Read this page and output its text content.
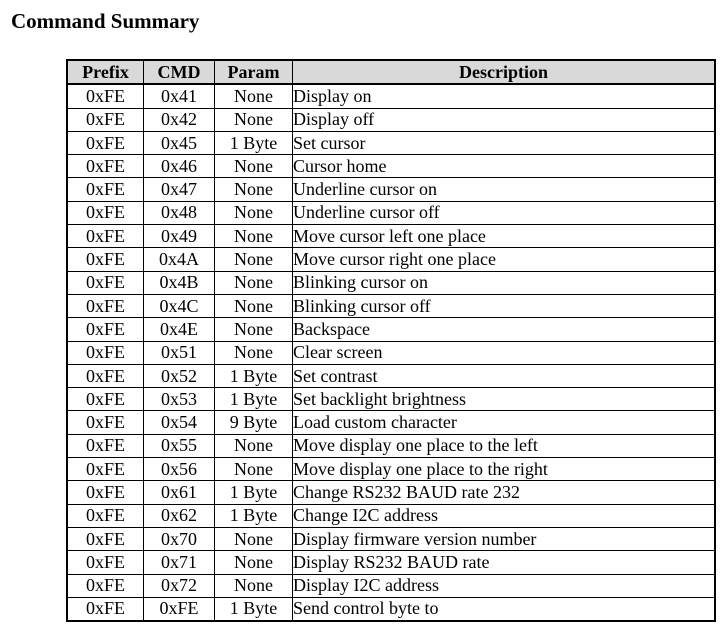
Command Summary
Prefix	CMD	Param	Description
0xFE	0x41	None	Display on
0xFE	0x42	None	Display off
0xFE	0x45	1 Byte	Set cursor
0xFE	0x46	None	Cursor home
0xFE	0x47	None	Underline cursor on
0xFE	0x48	None	Underline cursor off
0xFE	0x49	None	Move cursor left one place
0xFE	0x4A	None	Move cursor right one place
0xFE	0x4B	None	Blinking cursor on
0xFE	0x4C	None	Blinking cursor off
0xFE	0x4E	None	Backspace
0xFE	0x51	None	Clear screen
0xFE	0x52	1 Byte	Set contrast
0xFE	0x53	1 Byte	Set backlight brightness
0xFE	0x54	9 Byte	Load custom character
0xFE	0x55	None	Move display one place to the left
0xFE	0x56	None	Move display one place to the right
0xFE	0x61	1 Byte	Change RS232 BAUD rate 232
0xFE	0x62	1 Byte	Change I2C address
0xFE	0x70	None	Display firmware version number
0xFE	0x71	None	Display RS232 BAUD rate
0xFE	0x72	None	Display I2C address
0xFE	0xFE	1 Byte	Send control byte to
